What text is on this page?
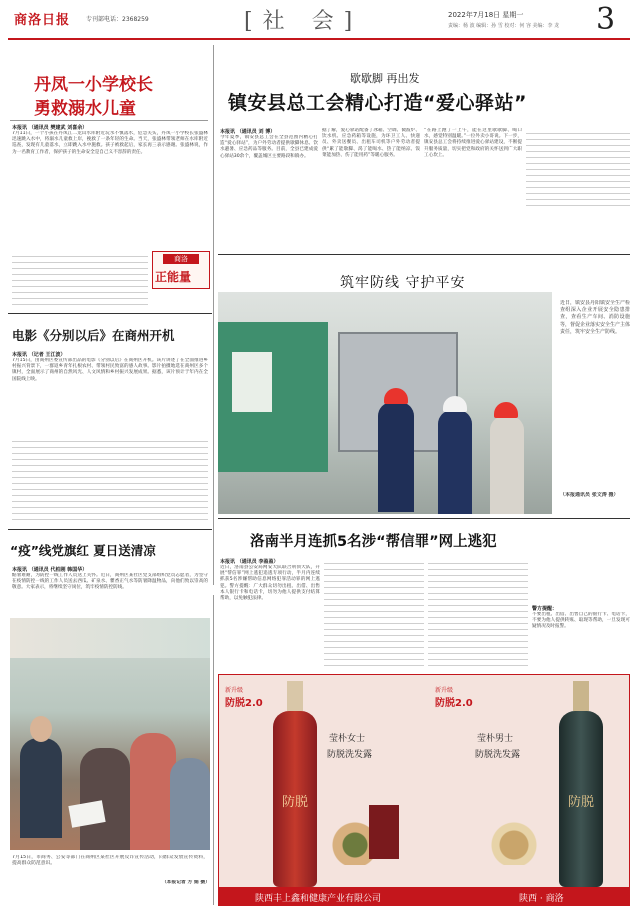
商洛日报	专刊部电话：2368259	[社 会]	2022年7月18日 星期一
责编：杨 波 编辑：孙 雪 校对：何 容 美编：李 龙 3
丹凤一小学校长
勇救溺水儿童
本报讯 （通讯员 樊建武 刘喜余）
7月11日，一个小孩在丹凤江二龙山水库附近玩水不慎落水，危急关头，丹凤一小学校长张盛林迅速跳入水中，将溺水儿童救上岸，挽救了一条年轻的生命。当天，张盛林带领老师在水库附近巡查，发现有儿童落水，立即跳入水中施救。孩子被救起后，家长再三表示感谢。张盛林说，作为一名教育工作者，保护孩子的生命安全是自己义不容辞的责任。
商洛
正能量
电影《分别以后》在商州开机
本报讯 （记者 王江波）
7月15日，由商州区委宣传部出品的电影《分别以后》在商州区开机。该片讲述了在全面推进乡村振兴背景下，一群返乡青年扎根农村、带领村民致富的感人故事。影片拍摄地选在商州区多个镇村，全面展示了商州的自然风光、人文风情和乡村振兴发展成果。据悉，该片预计于年内在全国院线上映。
“疫”线党旗红 夏日送清凉
本报讯 （通讯员 代柏刚 韩国华）
酷暑难耐，为防控一线工作人员送上关怀。近日，商州区某社区党支部组织党员志愿者，为坚守在疫情防控一线的工作人员送去西瓜、矿泉水、藿香正气水等防暑降温物品，向他们致以崇高的敬意。大家表示，将继续坚守岗位，筑牢疫情防控防线。
7月15日，市商务、公安等部门在商州区某社区开展反诈宣传活动，向群众发放宣传资料，提高群众防范意识。
（本报记者 方 娟 摄）
歇歇脚 再出发
镇安县总工会精心打造“爱心驿站”
本报讯 （通讯员 刘 博）
今年夏季，镇安县总工会在全县范围内精心打造“爱心驿站”，为户外劳动者提供歇脚休息、饮水避暑、应急药品等服务。目前，全县已建成爱心驿站30余个，覆盖城区主要路段和镇办。
据了解，爱心驿站配备了冰箱、空调、微波炉、饮水机、应急药箱等设施，为环卫工人、快递员、外卖送餐员、出租车司机等户外劳动者提供“累了能歇脚、渴了能喝水、热了能纳凉、饭菜能加热、伤了能用药”等暖心服务。
“在路上跑了一上午，能在这里歇歇脚、喝口水，感觉特别温暖。”一位外卖小哥说。下一步，镇安县总工会将持续推进爱心驿站建设，不断提升服务质量，切实把党和政府的关怀送到广大职工心坎上。
筑牢防线 守护平安
近日，镇安县丹阳镇安全生产检查组深入企业开展安全隐患排查，查看生产车间、消防设施等，督促企业落实安全生产主体责任，筑牢安全生产防线。
（本报通讯员 张文涛 摄）
洛南半月连抓5名涉“帮信罪”网上逃犯
本报讯 （通讯员 李盈盈）
近日，洛南县公安局网安大队联合刑侦大队，开展“帮信罪”网上逃犯追逃专项行动，半月内连续抓获5名涉嫌帮助信息网络犯罪活动罪的网上逃犯。警方提醒：广大群众切勿出租、出借、出售本人银行卡和电话卡，切勿为他人提供支付结算帮助，以免触犯法律。
警方提醒：
不要出租、出借、出售自己的银行卡、电话卡，不要为他人提供转账、取现等帮助，一旦发现可疑情况及时报警。
新升级
防脱2.0
防脱
莹朴女士
防脱洗发露
新升级
防脱2.0
莹朴男士
防脱洗发露
防脱
陕西丰上鑫和健康产业有限公司	陕西 · 商洛
